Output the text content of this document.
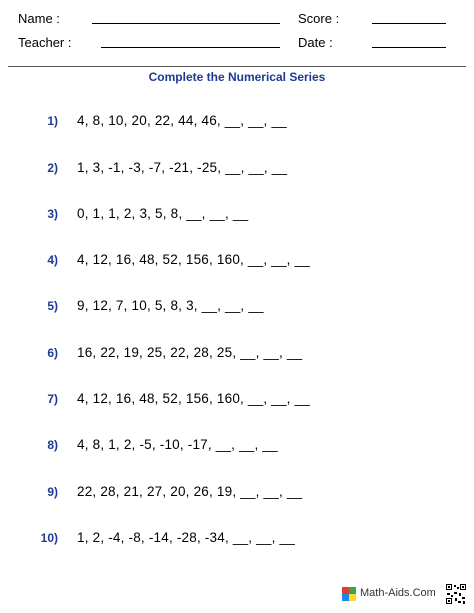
Name :	Score :
Teacher :	Date :
Complete the Numerical Series
1) 4, 8, 10, 20, 22, 44, 46, __, __, __
2) 1, 3, -1, -3, -7, -21, -25, __, __, __
3) 0, 1, 1, 2, 3, 5, 8, __, __, __
4) 4, 12, 16, 48, 52, 156, 160, __, __, __
5) 9, 12, 7, 10, 5, 8, 3, __, __, __
6) 16, 22, 19, 25, 22, 28, 25, __, __, __
7) 4, 12, 16, 48, 52, 156, 160, __, __, __
8) 4, 8, 1, 2, -5, -10, -17, __, __, __
9) 22, 28, 21, 27, 20, 26, 19, __, __, __
10) 1, 2, -4, -8, -14, -28, -34, __, __, __
Math-Aids.Com
